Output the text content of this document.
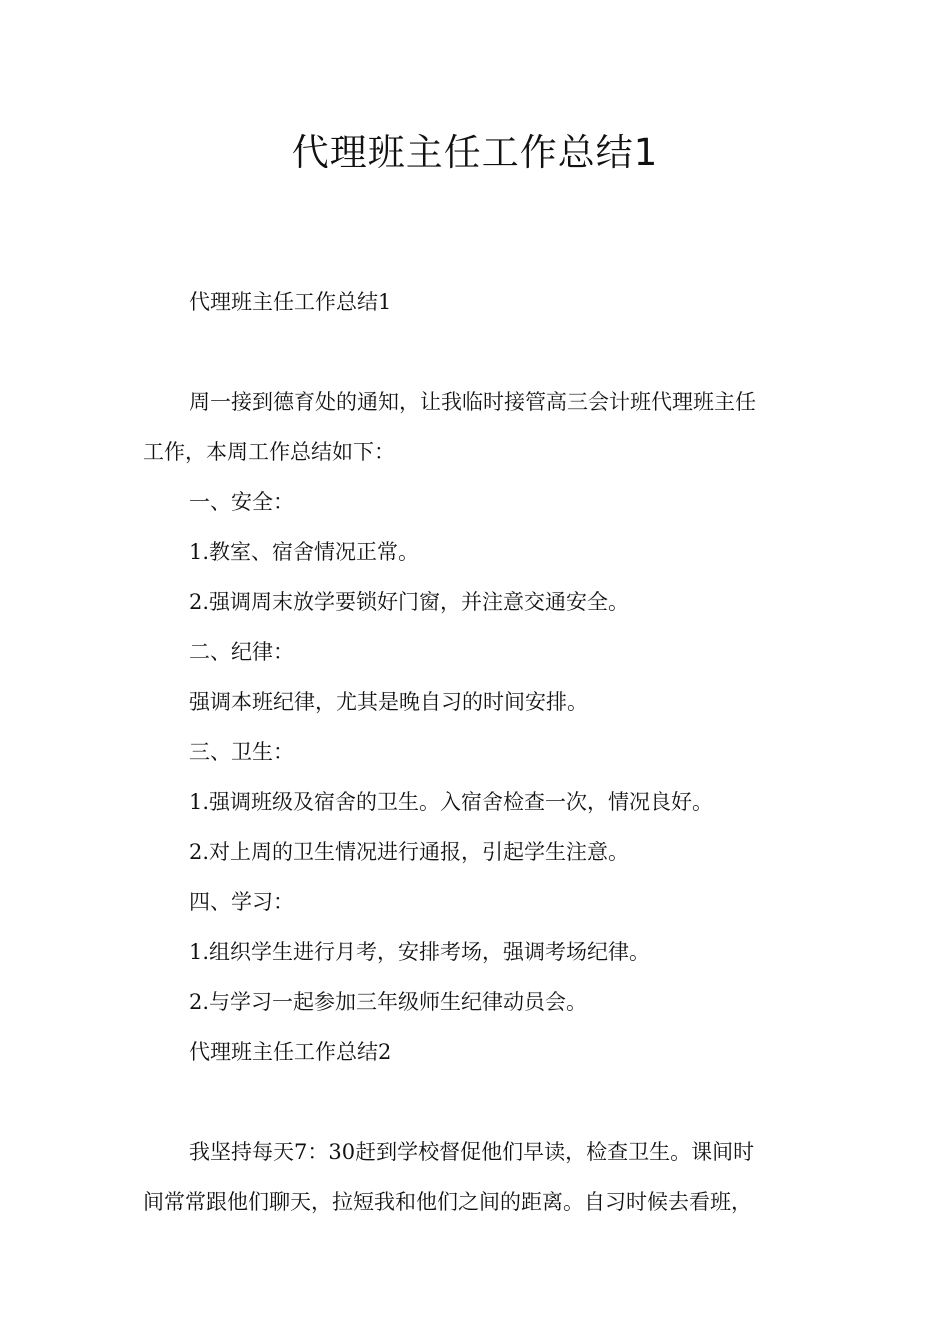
代理班主任工作总结1

代理班主任工作总结1

周一接到德育处的通知，让我临时接管高三会计班代理班主任

工作，本周工作总结如下：

一、安全：

1.教室、宿舍情况正常。

2.强调周末放学要锁好门窗，并注意交通安全。

二、纪律：

强调本班纪律，尤其是晚自习的时间安排。

三、卫生：

1.强调班级及宿舍的卫生。入宿舍检查一次，情况良好。

2.对上周的卫生情况进行通报，引起学生注意。

四、学习：

1.组织学生进行月考，安排考场，强调考场纪律。

2.与学习一起参加三年级师生纪律动员会。

代理班主任工作总结2

我坚持每天7：30赶到学校督促他们早读，检查卫生。课间时

间常常跟他们聊天，拉短我和他们之间的距离。自习时候去看班，
